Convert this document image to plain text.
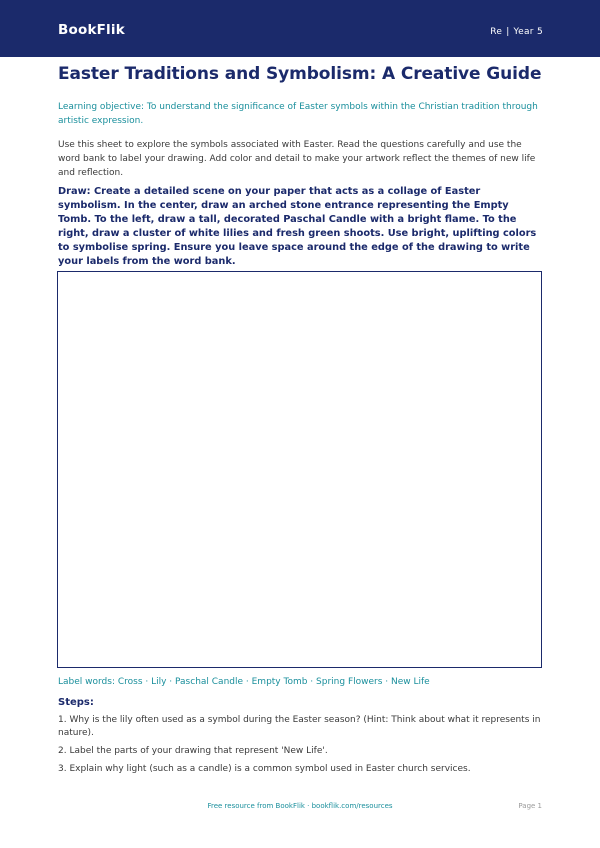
BookFlik	Re | Year 5
Easter Traditions and Symbolism: A Creative Guide
Learning objective: To understand the significance of Easter symbols within the Christian tradition through artistic expression.
Use this sheet to explore the symbols associated with Easter. Read the questions carefully and use the word bank to label your drawing. Add color and detail to make your artwork reflect the themes of new life and reflection.
Draw: Create a detailed scene on your paper that acts as a collage of Easter symbolism. In the center, draw an arched stone entrance representing the Empty Tomb. To the left, draw a tall, decorated Paschal Candle with a bright flame. To the right, draw a cluster of white lilies and fresh green shoots. Use bright, uplifting colors to symbolise spring. Ensure you leave space around the edge of the drawing to write your labels from the word bank.
Label words: Cross · Lily · Paschal Candle · Empty Tomb · Spring Flowers · New Life
Steps:
1. Why is the lily often used as a symbol during the Easter season? (Hint: Think about what it represents in nature).
2. Label the parts of your drawing that represent 'New Life'.
3. Explain why light (such as a candle) is a common symbol used in Easter church services.
Free resource from BookFlik · bookflik.com/resources	Page 1
